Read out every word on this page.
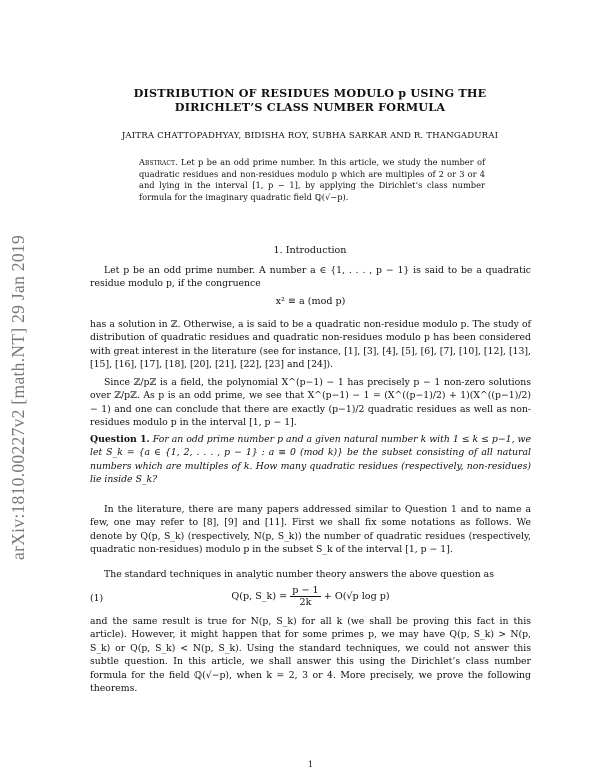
arXiv:1810.00227v2 [math.NT] 29 Jan 2019
DISTRIBUTION OF RESIDUES MODULO p USING THE
DIRICHLET’S CLASS NUMBER FORMULA
JAITRA CHATTOPADHYAY, BIDISHA ROY, SUBHA SARKAR AND R. THANGADURAI
Abstract. Let p be an odd prime number. In this article, we study the number of quadratic residues and non-residues modulo p which are multiples of 2 or 3 or 4 and lying in the interval [1, p − 1], by applying the Dirichlet’s class number formula for the imaginary quadratic field ℚ(√−p).
1. Introduction
Let p be an odd prime number. A number a ∈ {1, . . . , p − 1} is said to be a quadratic residue modulo p, if the congruence
x² ≡ a (mod p)
has a solution in ℤ. Otherwise, a is said to be a quadratic non-residue modulo p. The study of distribution of quadratic residues and quadratic non-residues modulo p has been considered with great interest in the literature (see for instance, [1], [3], [4], [5], [6], [7], [10], [12], [13], [15], [16], [17], [18], [20], [21], [22], [23] and [24]).
Since ℤ/pℤ is a field, the polynomial X^(p−1) − 1 has precisely p − 1 non-zero solutions over ℤ/pℤ. As p is an odd prime, we see that X^(p−1) − 1 = (X^((p−1)/2) + 1)(X^((p−1)/2) − 1) and one can conclude that there are exactly (p−1)/2 quadratic residues as well as non-residues modulo p in the interval [1, p − 1].
Question 1. For an odd prime number p and a given natural number k with 1 ≤ k ≤ p−1, we let S_k = {a ∈ {1, 2, . . . , p − 1} : a ≡ 0 (mod k)} be the subset consisting of all natural numbers which are multiples of k. How many quadratic residues (respectively, non-residues) lie inside S_k?
In the literature, there are many papers addressed similar to Question 1 and to name a few, one may refer to [8], [9] and [11]. First we shall fix some notations as follows. We denote by Q(p, S_k) (respectively, N(p, S_k)) the number of quadratic residues (respectively, quadratic non-residues) modulo p in the subset S_k of the interval [1, p − 1].
The standard techniques in analytic number theory answers the above question as
(1)	Q(p, S_k) = $\frac{p - 1}{2k} + O(√p$ log p)
and the same result is true for N(p, S_k) for all k (we shall be proving this fact in this article). However, it might happen that for some primes p, we may have Q(p, S_k) > N(p, S_k) or Q(p, S_k) < N(p, S_k). Using the standard techniques, we could not answer this subtle question. In this article, we shall answer this using the Dirichlet’s class number formula for the field ℚ(√−p), when k = 2, 3 or 4. More precisely, we prove the following theorems.
1
